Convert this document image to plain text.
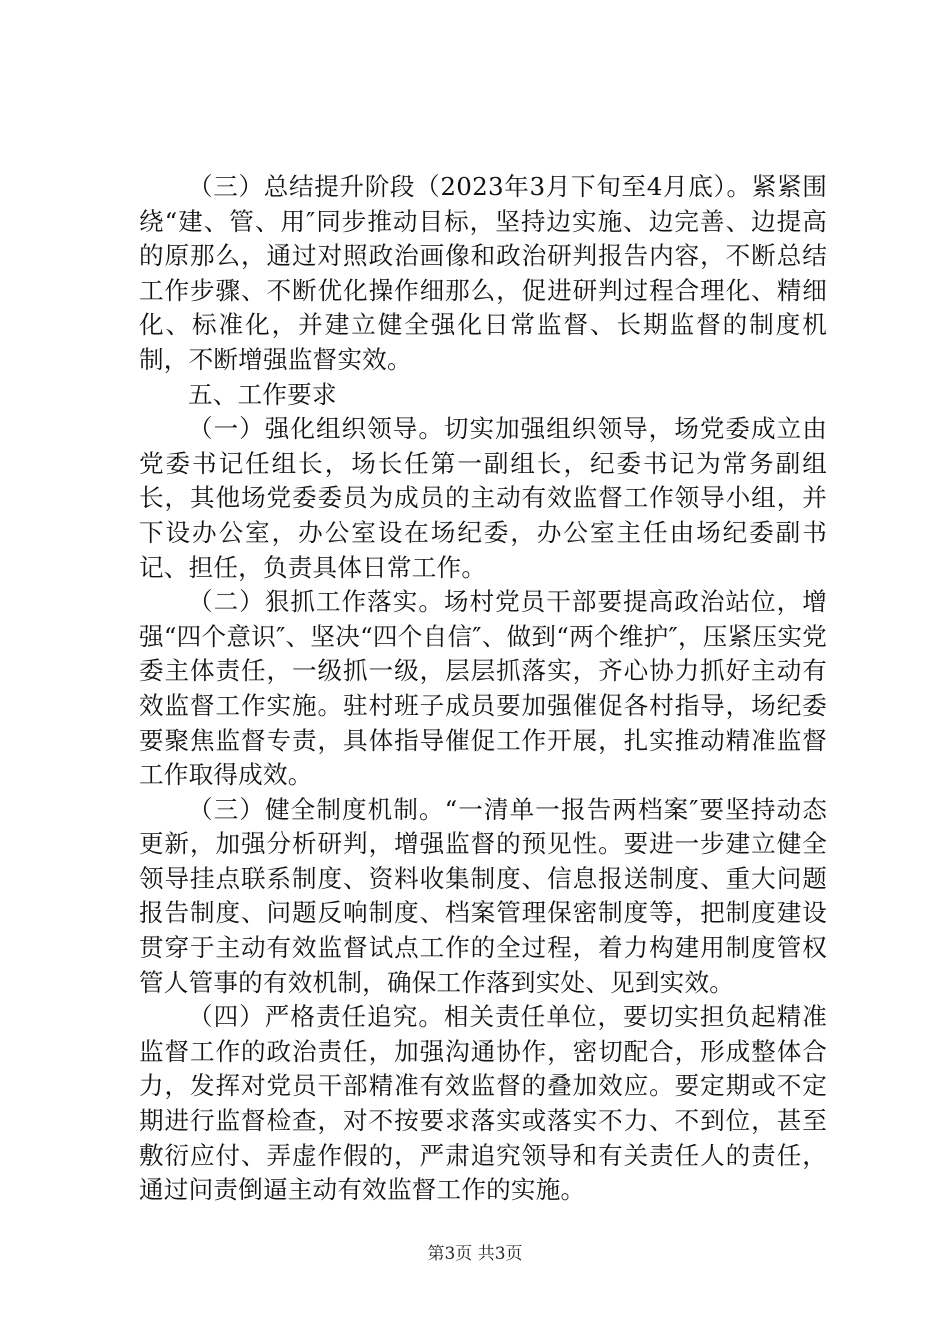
（三）总结提升阶段（2023年3月下旬至4月底）。紧紧围绕“建、管、用″同步推动目标，坚持边实施、边完善、边提高的原那么，通过对照政治画像和政治研判报告内容，不断总结工作步骤、不断优化操作细那么，促进研判过程合理化、精细化、标准化，并建立健全强化日常监督、长期监督的制度机制，不断增强监督实效。

五、工作要求

（一）强化组织领导。切实加强组织领导，场党委成立由党委书记任组长，场长任第一副组长，纪委书记为常务副组长，其他场党委委员为成员的主动有效监督工作领导小组，并下设办公室，办公室设在场纪委，办公室主任由场纪委副书记、担任，负责具体日常工作。

（二）狠抓工作落实。场村党员干部要提高政治站位，增强“四个意识″、坚决“四个自信″、做到“两个维护″，压紧压实党委主体责任，一级抓一级，层层抓落实，齐心协力抓好主动有效监督工作实施。驻村班子成员要加强催促各村指导，场纪委要聚焦监督专责，具体指导催促工作开展，扎实推动精准监督工作取得成效。

（三）健全制度机制。“一清单一报告两档案″要坚持动态更新，加强分析研判，增强监督的预见性。要进一步建立健全领导挂点联系制度、资料收集制度、信息报送制度、重大问题报告制度、问题反响制度、档案管理保密制度等，把制度建设贯穿于主动有效监督试点工作的全过程，着力构建用制度管权管人管事的有效机制，确保工作落到实处、见到实效。

（四）严格责任追究。相关责任单位，要切实担负起精准监督工作的政治责任，加强沟通协作，密切配合，形成整体合力，发挥对党员干部精准有效监督的叠加效应。要定期或不定期进行监督检查，对不按要求落实或落实不力、不到位，甚至敷衍应付、弄虚作假的，严肃追究领导和有关责任人的责任，通过问责倒逼主动有效监督工作的实施。

第3页 共3页
